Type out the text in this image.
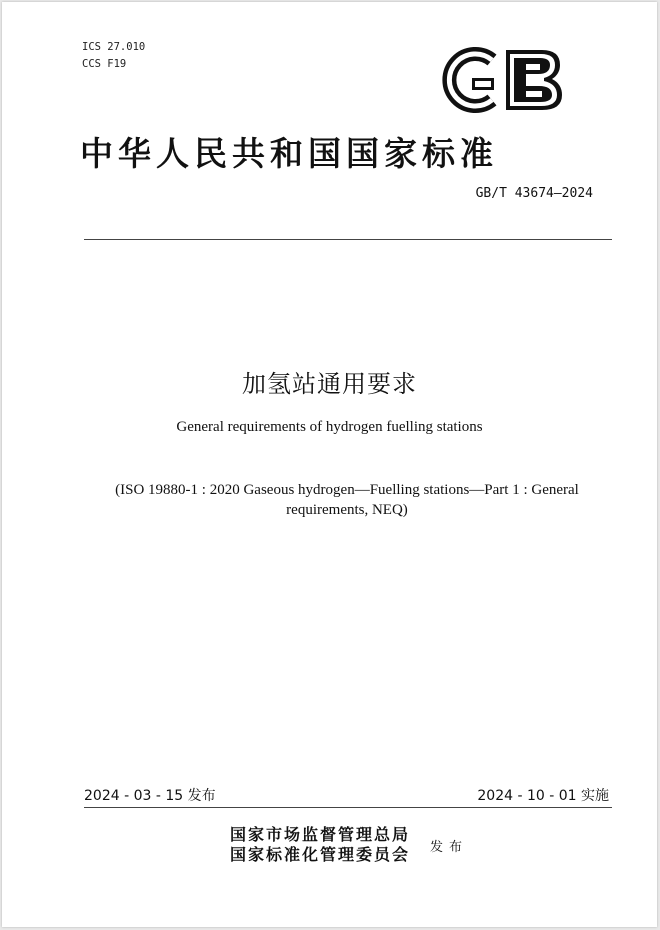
ICS 27.010
CCS F19
中华人民共和国国家标准
GB/T 43674—2024
加氢站通用要求
General requirements of hydrogen fuelling stations
(ISO 19880-1 : 2020 Gaseous hydrogen—Fuelling stations—Part 1 : General requirements, NEQ)
2024 - 03 - 15 发布	2024 - 10 - 01 实施
国家市场监督管理总局
国家标准化管理委员会 发布
